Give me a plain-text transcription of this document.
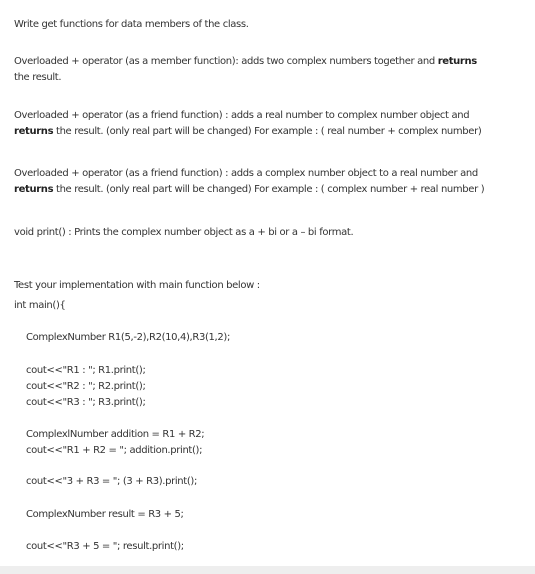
Write get functions for data members of the class.
Overloaded + operator (as a member function): adds two complex numbers together and returns
the result.
Overloaded + operator (as a friend function) : adds a real number to complex number object and
returns the result. (only real part will be changed) For example : ( real number + complex number)
Overloaded + operator (as a friend function) : adds a complex number object to a real number and
returns the result. (only real part will be changed) For example : ( complex number + real number )
void print() : Prints the complex number object as a + bi or a – bi format.
Test your implementation with main function below :
int main(){
ComplexNumber R1(5,-2),R2(10,4),R3(1,2);
cout<<"R1 : "; R1.print();
cout<<"R2 : "; R2.print();
cout<<"R3 : "; R3.print();
ComplexlNumber addition = R1 + R2;
cout<<"R1 + R2 = "; addition.print();
cout<<"3 + R3 = "; (3 + R3).print();
ComplexNumber result = R3 + 5;
cout<<"R3 + 5 = "; result.print();
